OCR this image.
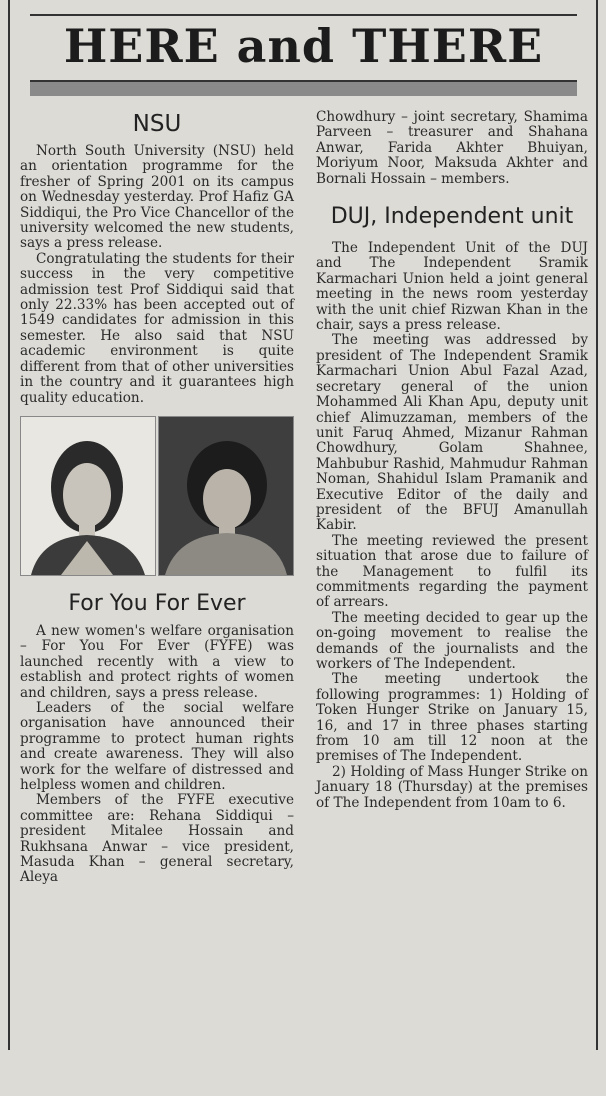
HERE and THERE
NSU

North South University (NSU) held an orientation programme for the fresher of Spring 2001 on its campus on Wednesday yesterday. Prof Hafiz GA Siddiqui, the Pro Vice Chancellor of the university welcomed the new students, says a press release.

Congratulating the students for their success in the very competitive admission test Prof Siddiqui said that only 22.33% has been accepted out of 1549 candidates for admission in this semester. He also said that NSU academic environment is quite different from that of other universities in the country and it guarantees high quality education.

For You For Ever

A new women's welfare organisation – For You For Ever (FYFE) was launched recently with a view to establish and protect rights of women and children, says a press release.

Leaders of the social welfare organisation have announced their programme to protect human rights and create awareness. They will also work for the welfare of distressed and helpless women and children.

Members of the FYFE executive committee are: Rehana Siddiqui – president Mitalee Hossain and Rukhsana Anwar – vice president, Masuda Khan – general secretary, Aleya

Chowdhury – joint secretary, Shamima Parveen – treasurer and Shahana Anwar, Farida Akhter Bhuiyan, Moriyum Noor, Maksuda Akhter and Bornali Hossain – members.

DUJ, Independent unit

The Independent Unit of the DUJ and The Independent Sramik Karmachari Union held a joint general meeting in the news room yesterday with the unit chief Rizwan Khan in the chair, says a press release.

The meeting was addressed by president of The Independent Sramik Karmachari Union Abul Fazal Azad, secretary general of the union Mohammed Ali Khan Apu, deputy unit chief Alimuzzaman, members of the unit Faruq Ahmed, Mizanur Rahman Chowdhury, Golam Shahnee, Mahbubur Rashid, Mahmudur Rahman Noman, Shahidul Islam Pramanik and Executive Editor of the daily and president of the BFUJ Amanullah Kabir.

The meeting reviewed the present situation that arose due to failure of the Management to fulfil its commitments regarding the payment of arrears.

The meeting decided to gear up the on-going movement to realise the demands of the journalists and the workers of The Independent.

The meeting undertook the following programmes: 1) Holding of Token Hunger Strike on January 15, 16, and 17 in three phases starting from 10 am till 12 noon at the premises of The Independent.

2) Holding of Mass Hunger Strike on January 18 (Thursday) at the premises of The Independent from 10am to 6.
